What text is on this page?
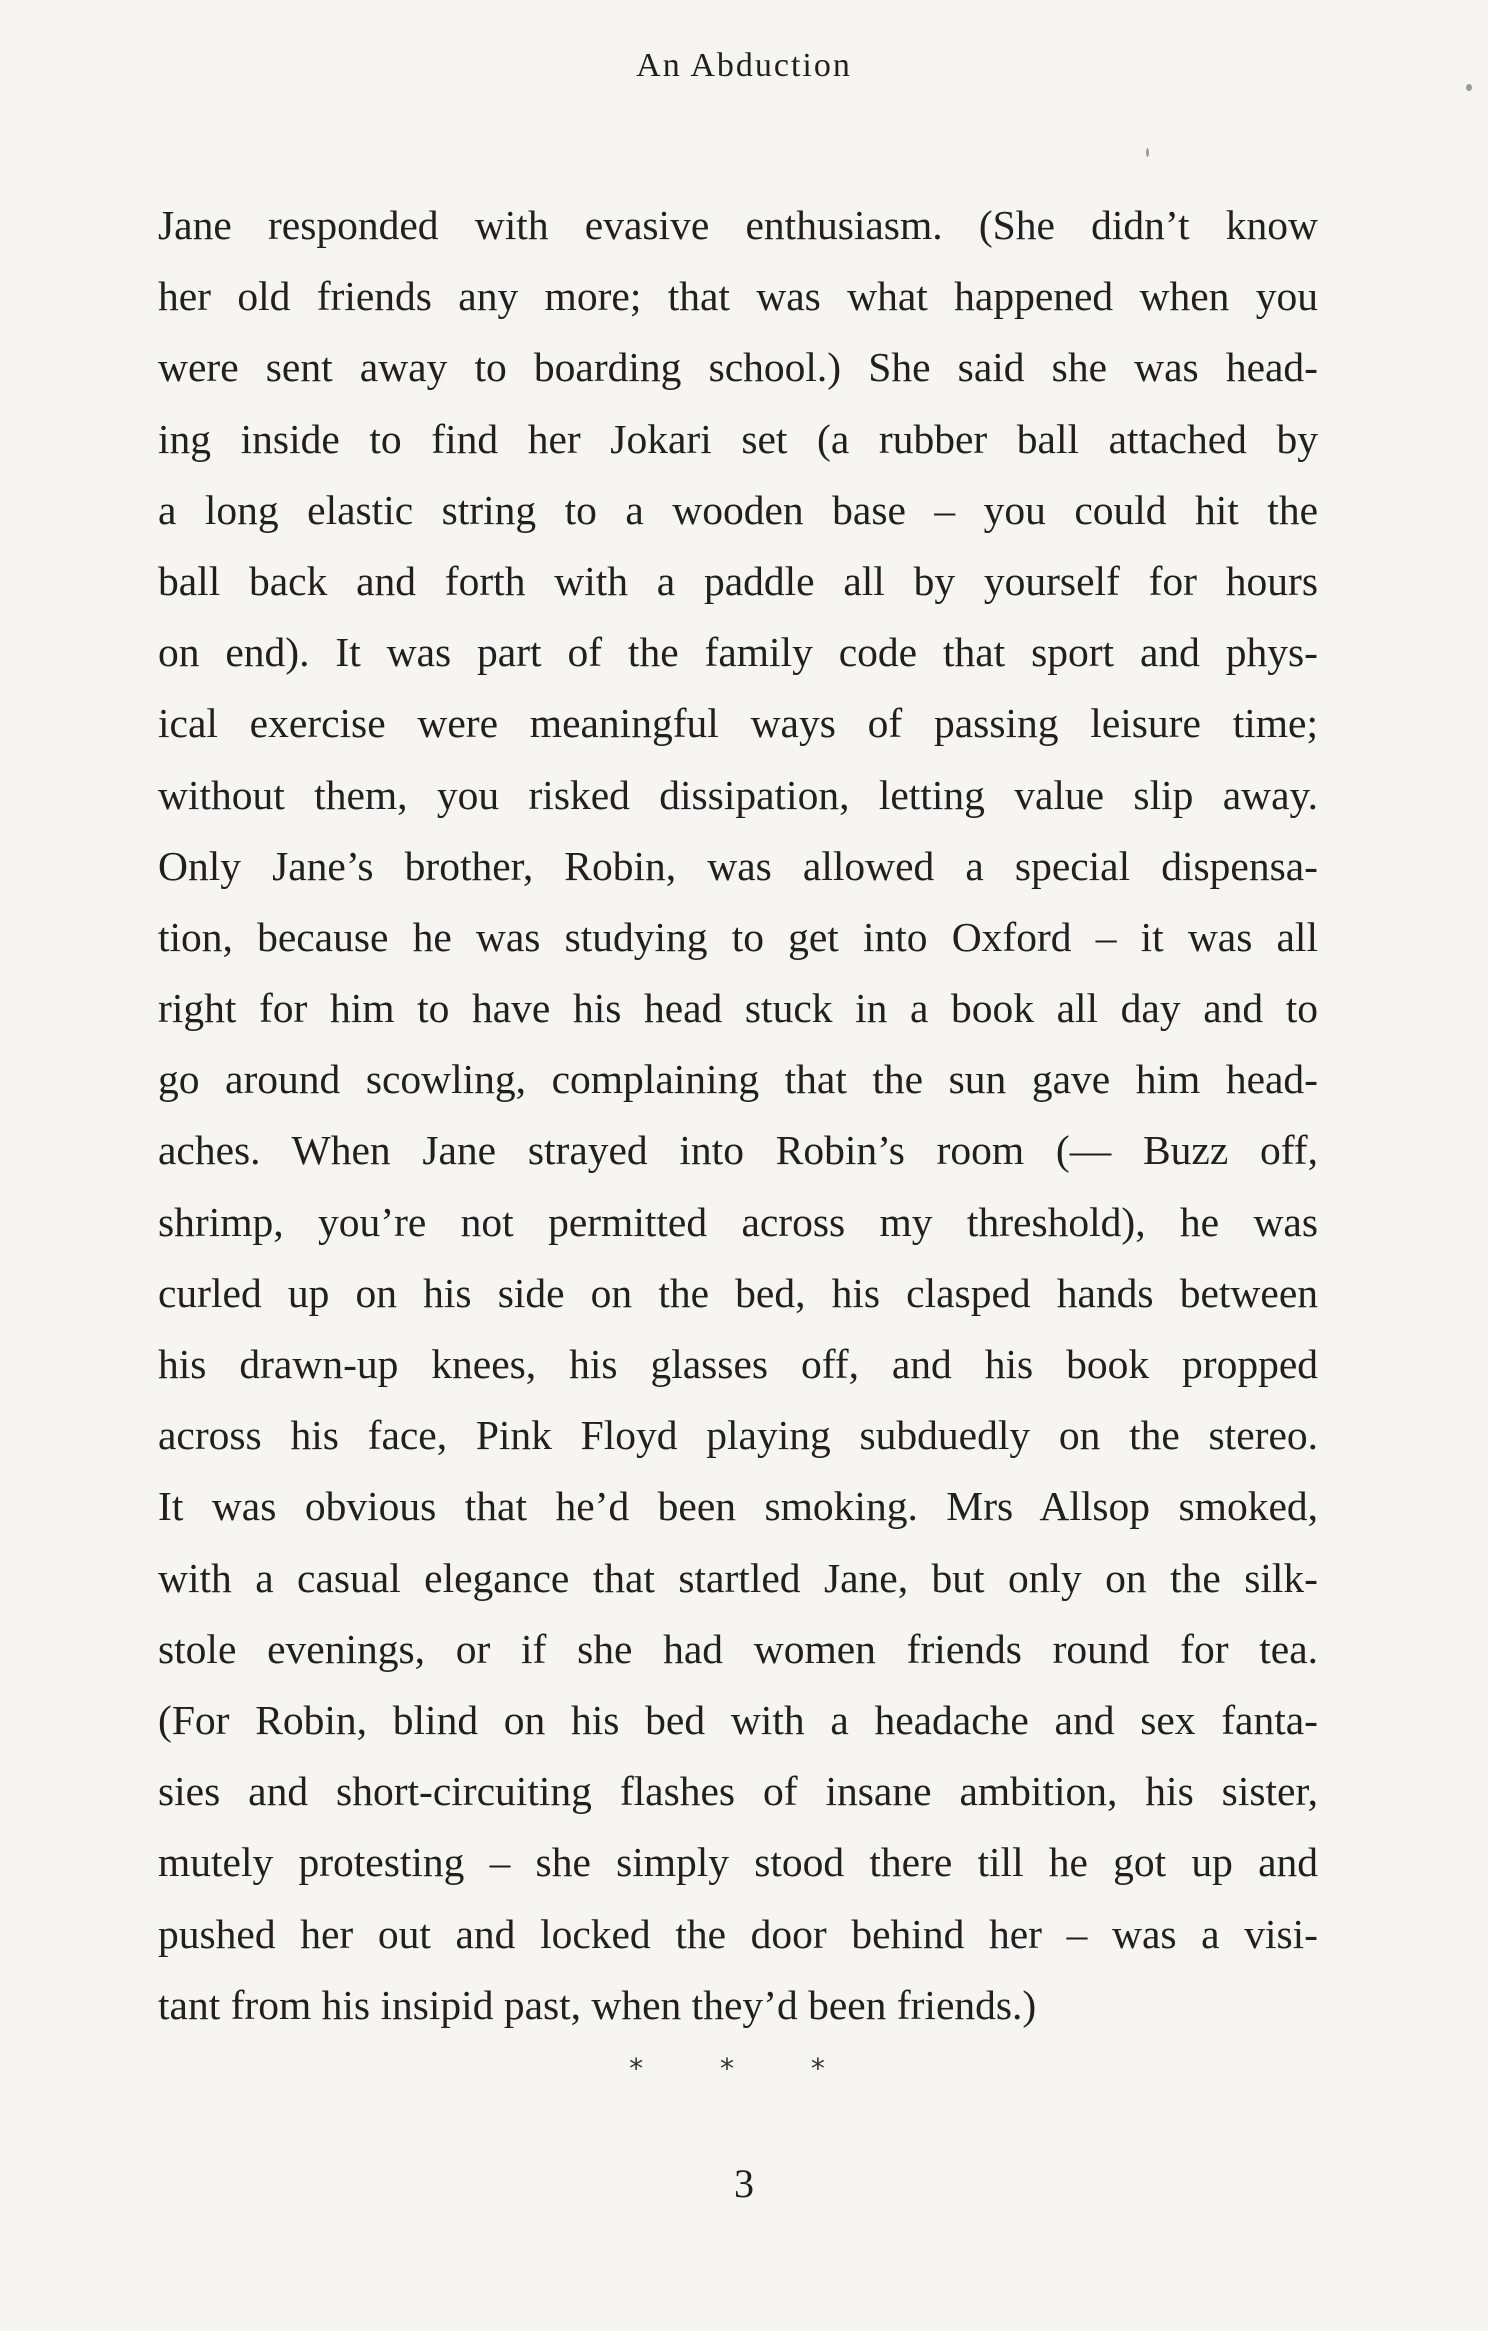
An Abduction
Jane responded with evasive enthusiasm. (She didn’t know
her old friends any more; that was what happened when you
were sent away to boarding school.) She said she was head-
ing inside to find her Jokari set (a rubber ball attached by
a long elastic string to a wooden base – you could hit the
ball back and forth with a paddle all by yourself for hours
on end). It was part of the family code that sport and phys-
ical exercise were meaningful ways of passing leisure time;
without them, you risked dissipation, letting value slip away.
Only Jane’s brother, Robin, was allowed a special dispensa-
tion, because he was studying to get into Oxford – it was all
right for him to have his head stuck in a book all day and to
go around scowling, complaining that the sun gave him head-
aches. When Jane strayed into Robin’s room (— Buzz off,
shrimp, you’re not permitted across my threshold), he was
curled up on his side on the bed, his clasped hands between
his drawn-up knees, his glasses off, and his book propped
across his face, Pink Floyd playing subduedly on the stereo.
It was obvious that he’d been smoking. Mrs Allsop smoked,
with a casual elegance that startled Jane, but only on the silk-
stole evenings, or if she had women friends round for tea.
(For Robin, blind on his bed with a headache and sex fanta-
sies and short-circuiting flashes of insane ambition, his sister,
mutely protesting – she simply stood there till he got up and
pushed her out and locked the door behind her – was a visi-
tant from his insipid past, when they’d been friends.)
* * *
3
